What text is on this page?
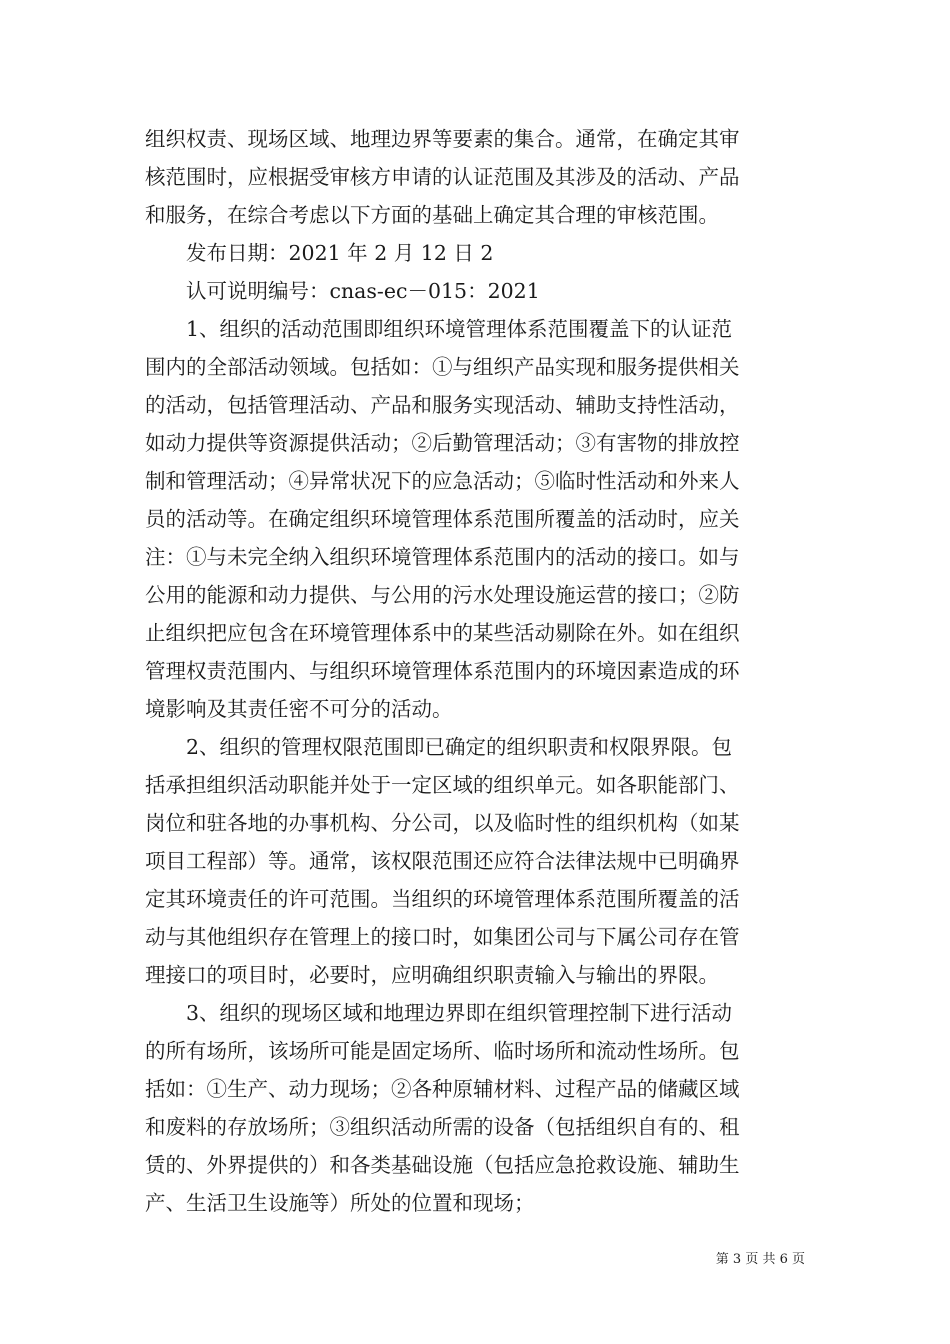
组织权责、现场区域、地理边界等要素的集合。通常，在确定其审
核范围时，应根据受审核方申请的认证范围及其涉及的活动、产品
和服务，在综合考虑以下方面的基础上确定其合理的审核范围。
发布日期：2021 年 2 月 12 日 2
认可说明编号：cnas-ec－015：2021
1、组织的活动范围即组织环境管理体系范围覆盖下的认证范
围内的全部活动领域。包括如：①与组织产品实现和服务提供相关
的活动，包括管理活动、产品和服务实现活动、辅助支持性活动，
如动力提供等资源提供活动；②后勤管理活动；③有害物的排放控
制和管理活动；④异常状况下的应急活动；⑤临时性活动和外来人
员的活动等。在确定组织环境管理体系范围所覆盖的活动时，应关
注：①与未完全纳入组织环境管理体系范围内的活动的接口。如与
公用的能源和动力提供、与公用的污水处理设施运营的接口；②防
止组织把应包含在环境管理体系中的某些活动剔除在外。如在组织
管理权责范围内、与组织环境管理体系范围内的环境因素造成的环
境影响及其责任密不可分的活动。
2、组织的管理权限范围即已确定的组织职责和权限界限。包
括承担组织活动职能并处于一定区域的组织单元。如各职能部门、
岗位和驻各地的办事机构、分公司，以及临时性的组织机构（如某
项目工程部）等。通常，该权限范围还应符合法律法规中已明确界
定其环境责任的许可范围。当组织的环境管理体系范围所覆盖的活
动与其他组织存在管理上的接口时，如集团公司与下属公司存在管
理接口的项目时，必要时，应明确组织职责输入与输出的界限。
3、组织的现场区域和地理边界即在组织管理控制下进行活动
的所有场所，该场所可能是固定场所、临时场所和流动性场所。包
括如：①生产、动力现场；②各种原辅材料、过程产品的储藏区域
和废料的存放场所；③组织活动所需的设备（包括组织自有的、租
赁的、外界提供的）和各类基础设施（包括应急抢救设施、辅助生
产、生活卫生设施等）所处的位置和现场；
第 3 页 共 6 页
